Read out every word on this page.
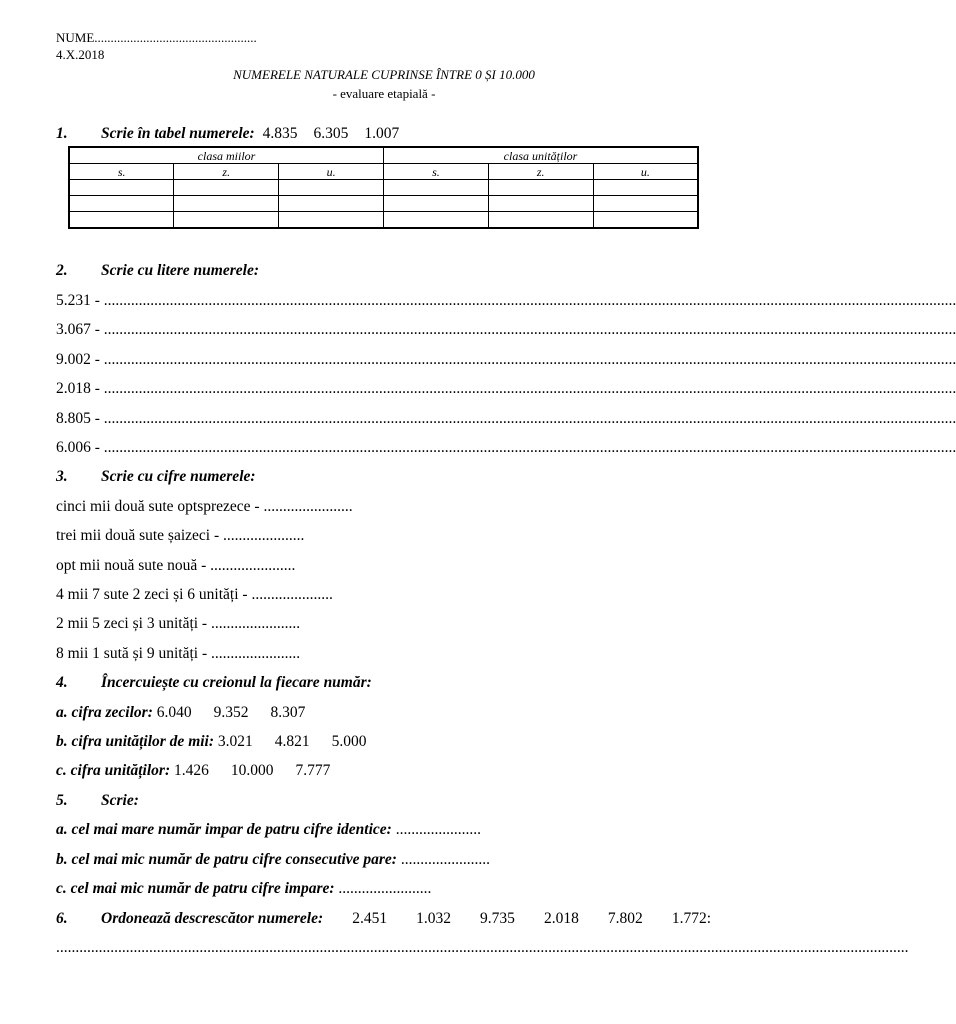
NUME..................................................
4.X.2018
NUMERELE NATURALE CUPRINSE ÎNTRE 0 ȘI 10.000
- evaluare etapială -
1. Scrie în tabel numerele: 4.835 6.305 1.007
clasa miilor			clasa unităților		
s.	z.	u.	s.	z.	u.

2. Scrie cu litere numerele:
5.231 - ............................................................................................................................................................................................................................
3.067 - ............................................................................................................................................................................................................................
9.002 - ............................................................................................................................................................................................................................
2.018 - ............................................................................................................................................................................................................................
8.805 - ............................................................................................................................................................................................................................
6.006 - ............................................................................................................................................................................................................................
3. Scrie cu cifre numerele:
cinci mii două sute optsprezece - .......................
trei mii două sute șaizeci - .....................
opt mii nouă sute nouă - ......................
4 mii 7 sute 2 zeci și 6 unități - .....................
2 mii 5 zeci și 3 unități - .......................
8 mii 1 sută și 9 unități - .......................
4. Încercuiește cu creionul la fiecare număr:
a. cifra zecilor: 6.040 9.352 8.307
b. cifra unităților de mii: 3.021 4.821 5.000
c. cifra unităților: 1.426 10.000 7.777
5. Scrie:
a. cel mai mare număr impar de patru cifre identice: ......................
b. cel mai mic număr de patru cifre consecutive pare: .......................
c. cel mai mic număr de patru cifre impare: ........................
6. Ordonează descrescător numerele: 2.451 1.032 9.735 2.018 7.802 1.772:
............................................................................................................................................................................................................................
